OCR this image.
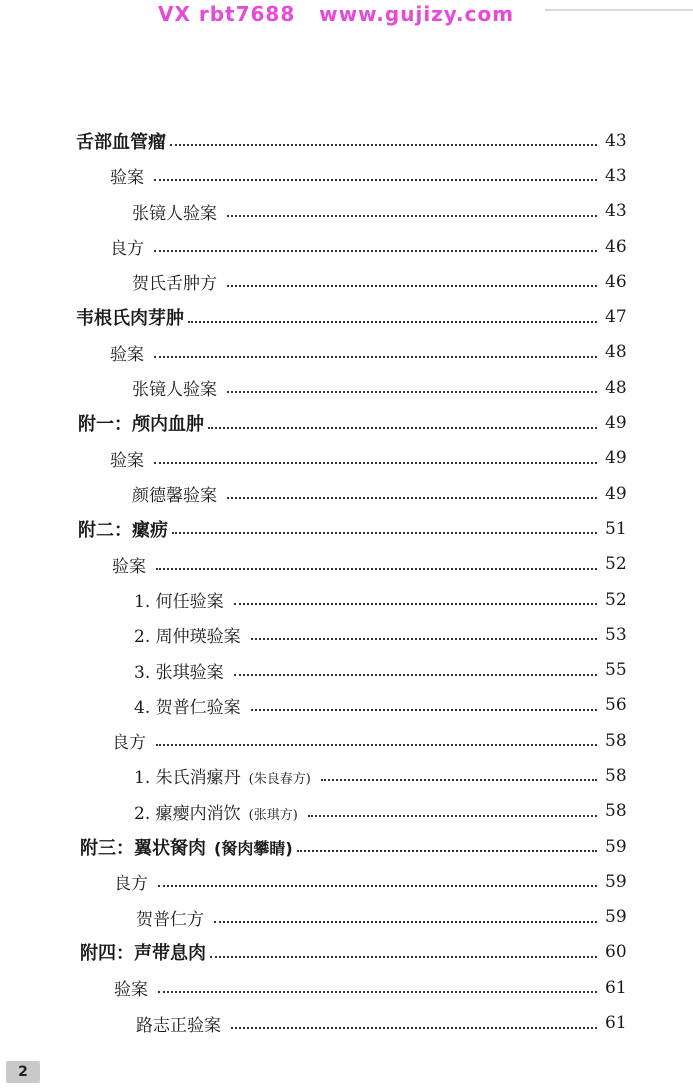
VX rbt7688   www.gujizy.com
舌部血管瘤	43
验案	43
张镜人验案	43
良方	46
贺氏舌肿方	46
韦根氏肉芽肿	47
验案	48
张镜人验案	48
附一：颅内血肿	49
验案	49
颜德馨验案	49
附二：瘰疬	51
验案	52
1. 何任验案	52
2. 周仲瑛验案	53
3. 张琪验案	55
4. 贺普仁验案	56
良方	58
1. 朱氏消瘰丹 (朱良春方)	58
2. 瘰瘿内消饮 (张琪方)	58
附三：翼状胬肉 (胬肉攀睛)	59
良方	59
贺普仁方	59
附四：声带息肉	60
验案	61
路志正验案	61
2
